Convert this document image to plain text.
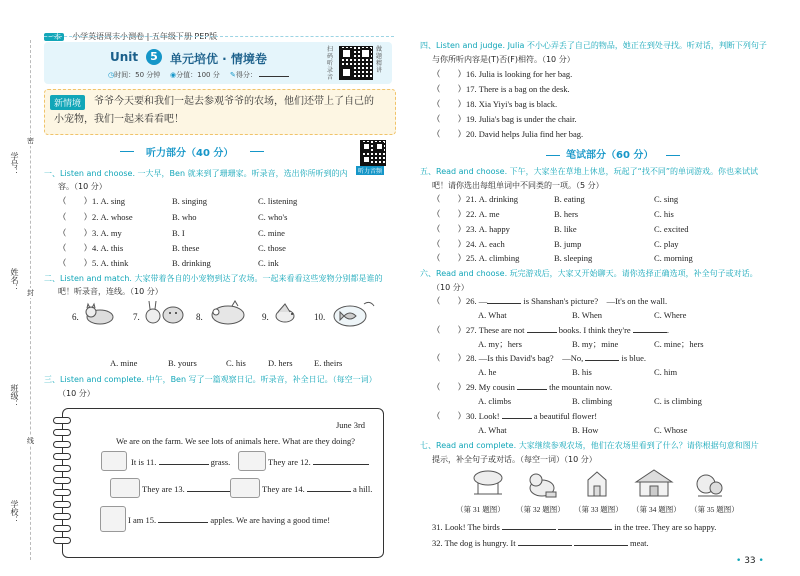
一本 小学英语周末小测卷 | 五年级下册 PEP版
学号：
姓名：
班级：
学校：
密
封
线
Unit	5	单元培优 · 情境卷
◷时间：50 分钟 ◉分值：100 分 ✎得分：
扫码听录音
做题精讲
新情境	爷爷今天要和我们一起去参观爷爷的农场，他们还带上了自己的
小宠物，我们一起来看看吧！
听力部分（40 分）
听力音频
一、Listen and choose. 一大早，Ben 就来到了珊珊家。听录音，选出你所听到的内
容。（10 分）
（　　）1. A. sing	B. singing	C. listening
（　　）2. A. whose	B. who	C. who's
（　　）3. A. my	B. I	C. mine
（　　）4. A. this	B. these	C. those
（　　）5. A. think	B. drinking	C. ink
二、Listen and match. 大家带着各自的小宠物到达了农场。一起来看看这些宠物分别都是谁的
吧！听录音，连线。（10 分）
6.	7.	8.	9.	10.
A. mine	B. yours	C. his	D. hers	E. theirs
三、Listen and complete. 中午，Ben 写了一篇观察日记。听录音，补全日记。（每空一词）
（10 分）
June 3rd
We are on the farm. We see lots of animals here. What are they doing?
It is 11.	grass.	They are 12.
They are 13.	They are 14.	a hill.
I am 15.	apples. We are having a good time!
四、Listen and judge. Julia 不小心弄丢了自己的物品，她正在到处寻找。听对话，判断下列句子
与你所听内容是(T)否(F)相符。（10 分）
（　　）16. Julia is looking for her bag.
（　　）17. There is a bag on the desk.
（　　）18. Xia Yiyi's bag is black.
（　　）19. Julia's bag is under the chair.
（　　）20. David helps Julia find her bag.
笔试部分（60 分）
五、Read and choose. 下午，大家坐在草地上休息，玩起了“找不同”的单词游戏。你也来试试
吧！请你选出每组单词中不同类的一项。（5 分）
（　　）21. A. drinking	B. eating	C. sing
（　　）22. A. me	B. hers	C. his
（　　）23. A. happy	B. like	C. excited
（　　）24. A. each	B. jump	C. play
（　　）25. A. climbing	B. sleeping	C. morning
六、Read and choose. 玩完游戏后，大家又开始聊天。请你选择正确选项，补全句子或对话。
（10 分）
（　　）26. —	is Shanshan's picture?　—It's on the wall.
A. What	B. When	C. Where
（　　）27. These are not	books. I think they're	.
A. my；hers	B. my；mine	C. mine；hers
（　　）28. —Is this David's bag?　—No,	is blue.
A. he	B. his	C. him
（　　）29. My cousin	the mountain now.
A. climbs	B. climbing	C. is climbing
（　　）30. Look!	a beautiful flower!
A. What	B. How	C. Whose
七、Read and complete. 大家继续参观农场，他们在农场里看到了什么？请你根据句意和图片
提示，补全句子或对话。（每空一词）（10 分）
（第 31 题图） （第 32 题图） （第 33 题图） （第 34 题图） （第 35 题图）
31. Look! The birds	in the tree. They are so happy.
32. The dog is hungry. It	meat.
• 33 •
